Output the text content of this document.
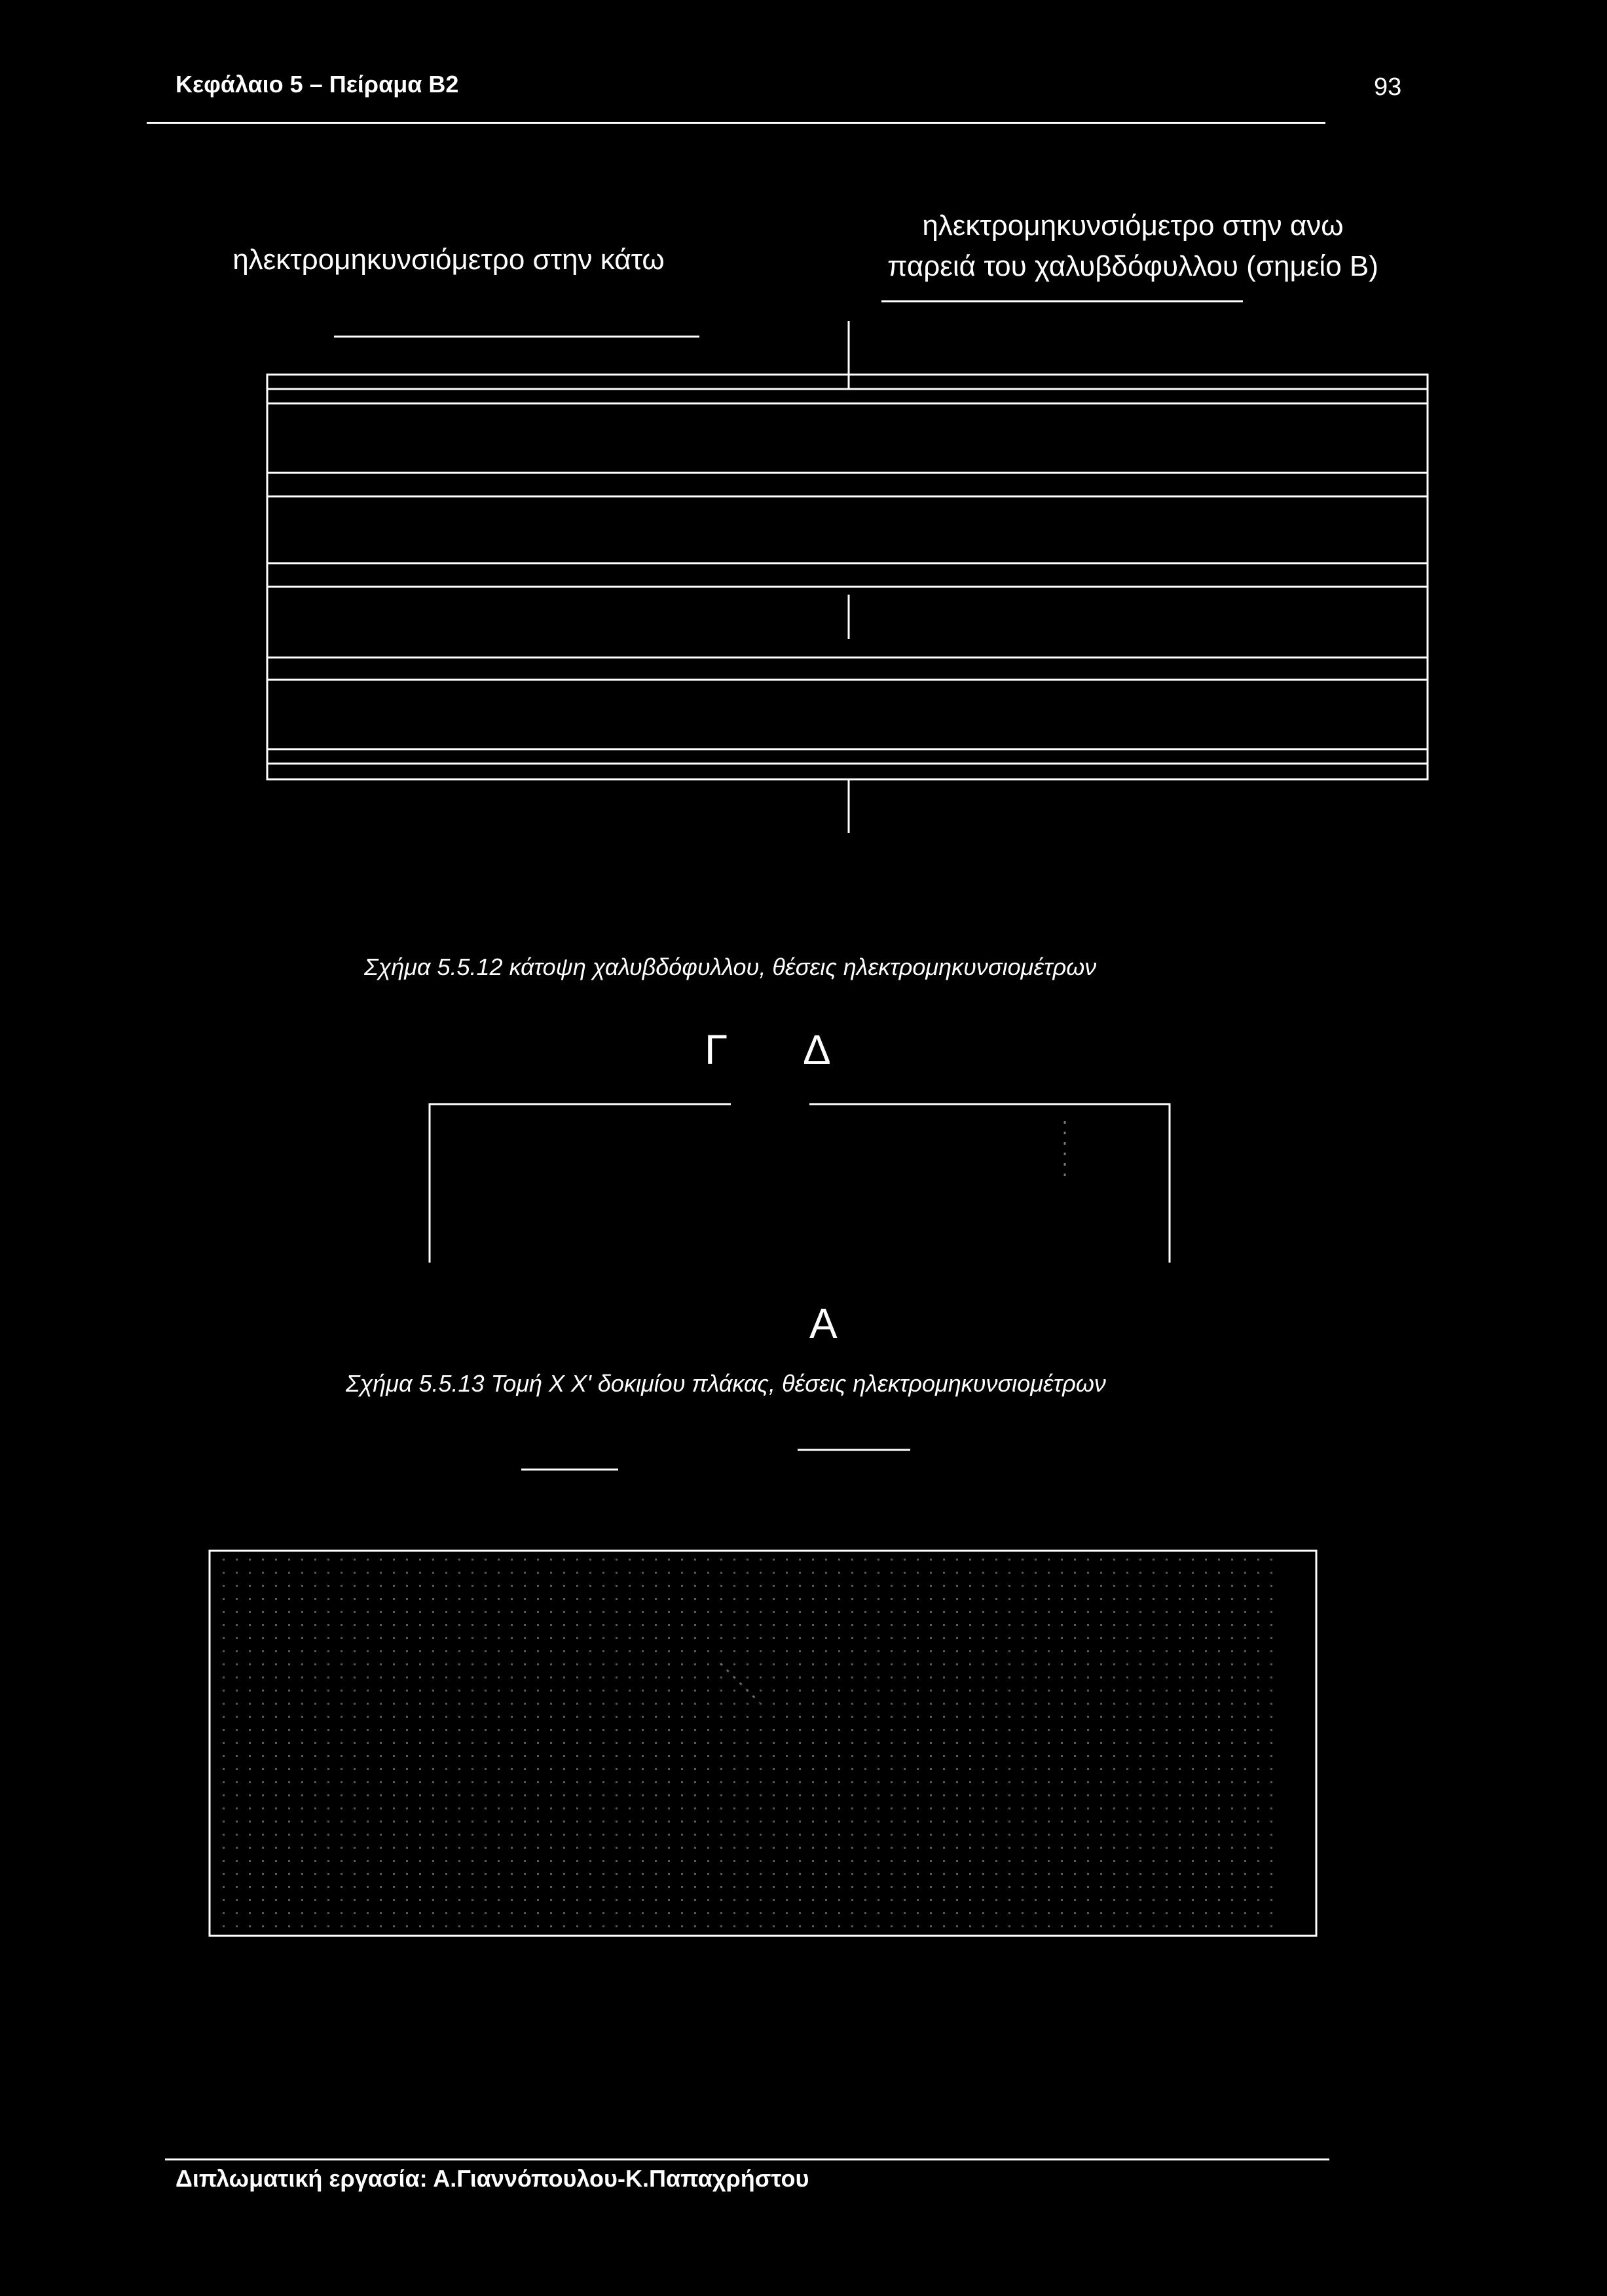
Κεφάλαιο 5 – Πείραμα Β2	93
ηλεκτρομηκυνσιόμετρο στην κάτω
ηλεκτρομηκυνσιόμετρο στην ανω
παρειά του χαλυβδόφυλλου (σημείο Β)
Σχήμα 5.5.12 κάτοψη χαλυβδόφυλλου, θέσεις ηλεκτρομηκυνσιομέτρων
Γ Δ
Α
Σχήμα 5.5.13 Τομή Χ Χ' δοκιμίου πλάκας, θέσεις ηλεκτρομηκυνσιομέτρων
Διπλωματική εργασία: Α.Γιαννόπουλου-Κ.Παπαχρήστου
